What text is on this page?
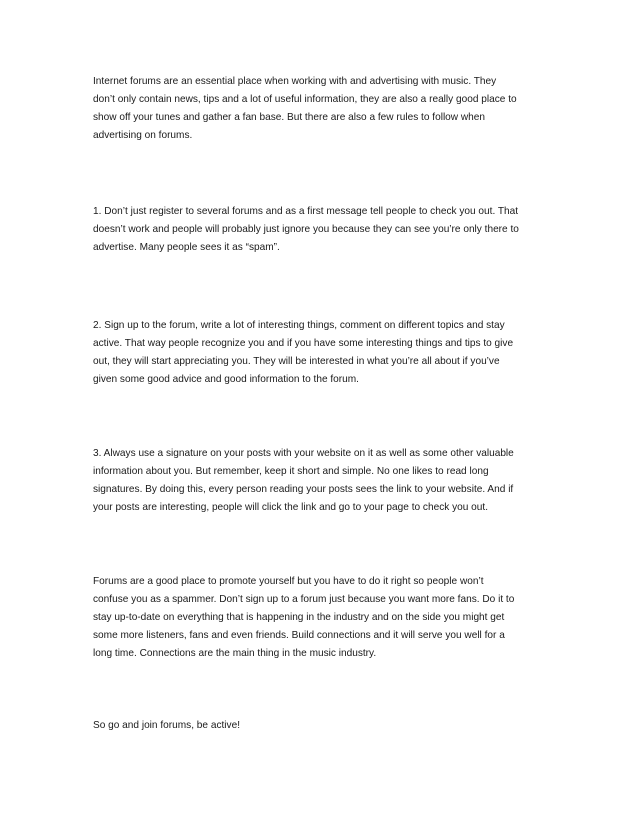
Internet forums are an essential place when working with and advertising with music. They
don’t only contain news, tips and a lot of useful information, they are also a really good place to
show off your tunes and gather a fan base. But there are also a few rules to follow when
advertising on forums.

1. Don’t just register to several forums and as a first message tell people to check you out. That
doesn’t work and people will probably just ignore you because they can see you’re only there to
advertise. Many people sees it as “spam”.

2. Sign up to the forum, write a lot of interesting things, comment on different topics and stay
active. That way people recognize you and if you have some interesting things and tips to give
out, they will start appreciating you. They will be interested in what you’re all about if you’ve
given some good advice and good information to the forum.

3. Always use a signature on your posts with your website on it as well as some other valuable
information about you. But remember, keep it short and simple. No one likes to read long
signatures. By doing this, every person reading your posts sees the link to your website. And if
your posts are interesting, people will click the link and go to your page to check you out.

Forums are a good place to promote yourself but you have to do it right so people won’t
confuse you as a spammer. Don’t sign up to a forum just because you want more fans. Do it to
stay up-to-date on everything that is happening in the industry and on the side you might get
some more listeners, fans and even friends. Build connections and it will serve you well for a
long time. Connections are the main thing in the music industry.

So go and join forums, be active!
